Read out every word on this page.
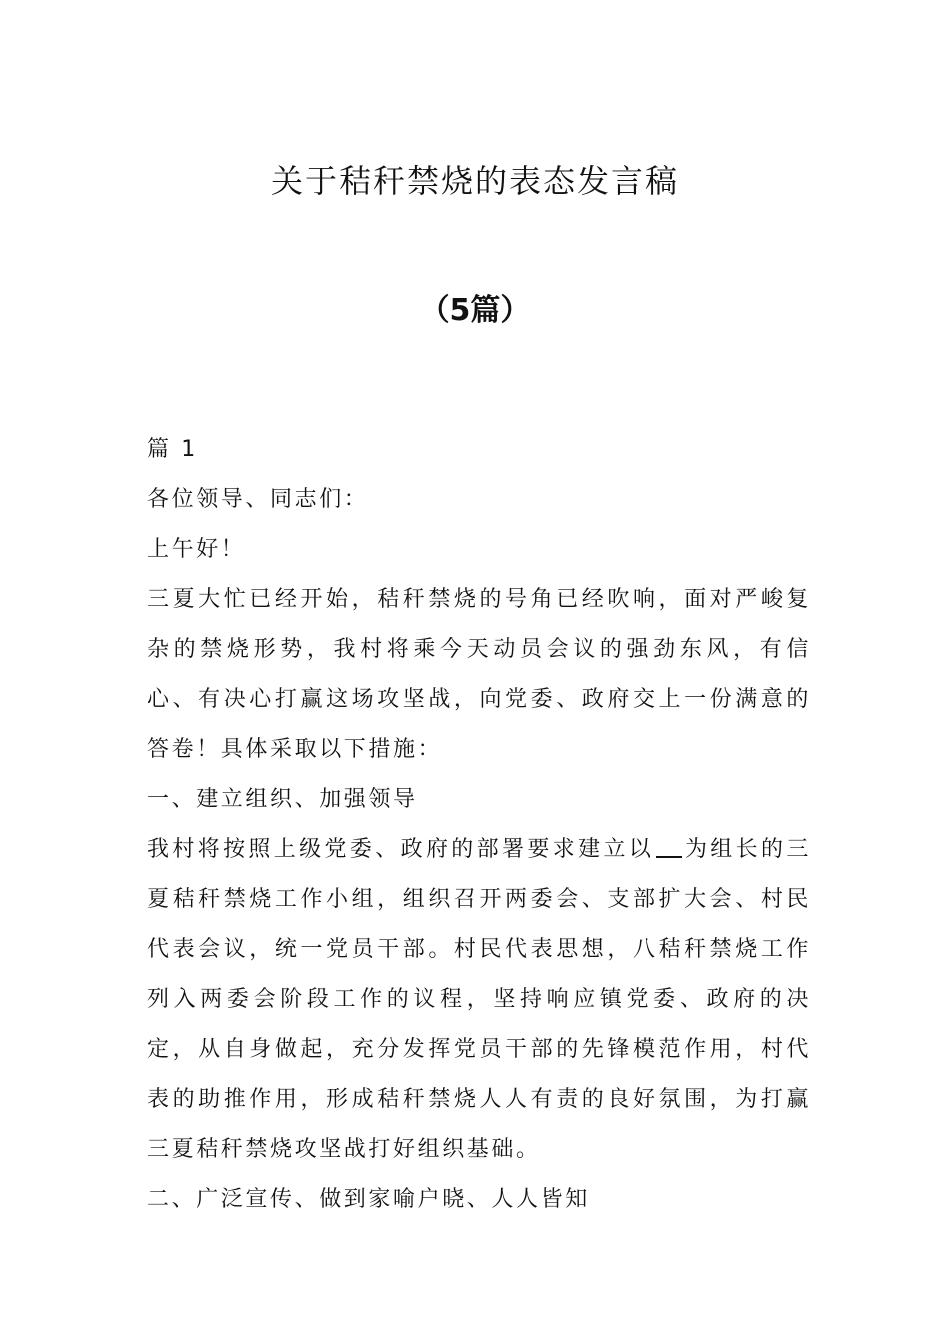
关于秸秆禁烧的表态发言稿
（5篇）

篇 1

各位领导、同志们：

上午好！

三夏大忙已经开始，秸秆禁烧的号角已经吹响，面对严峻复杂的禁烧形势，我村将乘今天动员会议的强劲东风，有信心、有决心打赢这场攻坚战，向党委、政府交上一份满意的答卷！具体采取以下措施：

一、建立组织、加强领导

我村将按照上级党委、政府的部署要求建立以 为组长的三夏秸秆禁烧工作小组，组织召开两委会、支部扩大会、村民代表会议，统一党员干部。村民代表思想，八秸秆禁烧工作列入两委会阶段工作的议程，坚持响应镇党委、政府的决定，从自身做起，充分发挥党员干部的先锋模范作用，村代表的助推作用，形成秸秆禁烧人人有责的良好氛围，为打赢三夏秸秆禁烧攻坚战打好组织基础。

二、广泛宣传、做到家喻户晓、人人皆知
